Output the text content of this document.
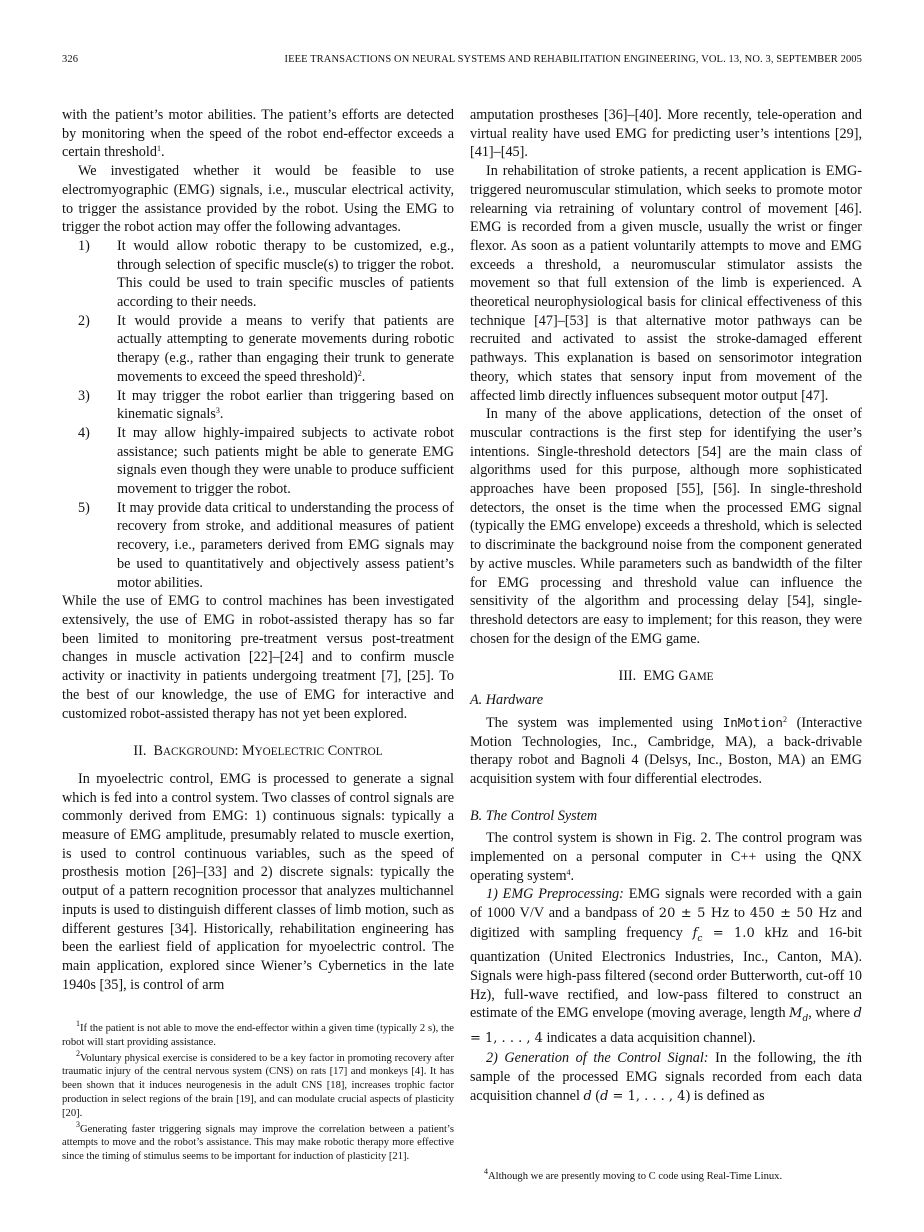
326	IEEE TRANSACTIONS ON NEURAL SYSTEMS AND REHABILITATION ENGINEERING, VOL. 13, NO. 3, SEPTEMBER 2005

with the patient’s motor abilities. The patient’s efforts are detected by monitoring when the speed of the robot end-effector exceeds a certain threshold$^1$.

We investigated whether it would be feasible to use electromyographic (EMG) signals, i.e., muscular electrical activity, to trigger the assistance provided by the robot. Using the EMG to trigger the robot action may offer the following advantages.

1) It would allow robotic therapy to be customized, e.g., through selection of specific muscle(s) to trigger the robot. This could be used to train specific muscles of patients according to their needs.
2) It would provide a means to verify that patients are actually attempting to generate movements during robotic therapy (e.g., rather than engaging their trunk to generate movements to exceed the speed threshold)$^2$.
3) It may trigger the robot earlier than triggering based on kinematic signals$^3$.
4) It may allow highly-impaired subjects to activate robot assistance; such patients might be able to generate EMG signals even though they were unable to produce sufficient movement to trigger the robot.
5) It may provide data critical to understanding the process of recovery from stroke, and additional measures of patient recovery, i.e., parameters derived from EMG signals may be used to quantitatively and objectively assess patient’s motor abilities.

While the use of EMG to control machines has been investigated extensively, the use of EMG in robot-assisted therapy has so far been limited to monitoring pre-treatment versus post-treatment changes in muscle activation [22]–[24] and to confirm muscle activity or inactivity in patients undergoing treatment [7], [25]. To the best of our knowledge, the use of EMG for interactive and customized robot-assisted therapy has not yet been explored.

II. BACKGROUND: MYOELECTRIC CONTROL

In myoelectric control, EMG is processed to generate a signal which is fed into a control system. Two classes of control signals are commonly derived from EMG: 1) continuous signals: typically a measure of EMG amplitude, presumably related to muscle exertion, is used to control continuous variables, such as the speed of prosthesis motion [26]–[33] and 2) discrete signals: typically the output of a pattern recognition processor that analyzes multichannel inputs is used to distinguish different classes of limb motion, such as different gestures [34]. Historically, rehabilitation engineering has been the earliest field of application for myoelectric control. The main application, explored since Wiener’s Cybernetics in the late 1940s [35], is control of arm

$^1$If the patient is not able to move the end-effector within a given time (typically 2 s), the robot will start providing assistance.

$^2$Voluntary physical exercise is considered to be a key factor in promoting recovery after traumatic injury of the central nervous system (CNS) on rats [17] and monkeys [4]. It has been shown that it induces neurogenesis in the adult CNS [18], increases trophic factor production in select regions of the brain [19], and can modulate crucial aspects of plasticity [20].

$^3$Generating faster triggering signals may improve the correlation between a patient’s attempts to move and the robot’s assistance. This may make robotic therapy more effective since the timing of stimulus seems to be important for induction of plasticity [21].

amputation prostheses [36]–[40]. More recently, tele-operation and virtual reality have used EMG for predicting user’s intentions [29], [41]–[45].

In rehabilitation of stroke patients, a recent application is EMG-triggered neuromuscular stimulation, which seeks to promote motor relearning via retraining of voluntary control of movement [46]. EMG is recorded from a given muscle, usually the wrist or finger flexor. As soon as a patient voluntarily attempts to move and EMG exceeds a threshold, a neuromuscular stimulator assists the movement so that full extension of the limb is experienced. A theoretical neurophysiological basis for clinical effectiveness of this technique [47]–[53] is that alternative motor pathways can be recruited and activated to assist the stroke-damaged efferent pathways. This explanation is based on sensorimotor integration theory, which states that sensory input from movement of the affected limb directly influences subsequent motor output [47].

In many of the above applications, detection of the onset of muscular contractions is the first step for identifying the user’s intentions. Single-threshold detectors [54] are the main class of algorithms used for this purpose, although more sophisticated approaches have been proposed [55], [56]. In single-threshold detectors, the onset is the time when the processed EMG signal (typically the EMG envelope) exceeds a threshold, which is selected to discriminate the background noise from the component generated by active muscles. While parameters such as bandwidth of the filter for EMG processing and threshold value can influence the sensitivity of the algorithm and processing delay [54], single-threshold detectors are easy to implement; for this reason, they were chosen for the design of the EMG game.

III. EMG GAME

A. Hardware

The system was implemented using InMotion$^2$ (Interactive Motion Technologies, Inc., Cambridge, MA), a back-drivable therapy robot and Bagnoli 4 (Delsys, Inc., Boston, MA) an EMG acquisition system with four differential electrodes.

B. The Control System

The control system is shown in Fig. 2. The control program was implemented on a personal computer in C++ using the QNX operating system$^4$.

1) EMG Preprocessing: EMG signals were recorded with a gain of 1000 V/V and a bandpass of 20 ± 5 Hz to 450 ± 50 Hz and digitized with sampling frequency $f_c = 1.0$ kHz and 16-bit quantization (United Electronics Industries, Inc., Canton, MA). Signals were high-pass filtered (second order Butterworth, cut-off 10 Hz), full-wave rectified, and low-pass filtered to construct an estimate of the EMG envelope (moving average, length $M_d$, where d = 1, . . . , 4 indicates a data acquisition channel).

2) Generation of the Control Signal: In the following, the ith sample of the processed EMG signals recorded from each data acquisition channel d (d = 1, . . . , 4) is defined as

$^4$Although we are presently moving to C code using Real-Time Linux.
